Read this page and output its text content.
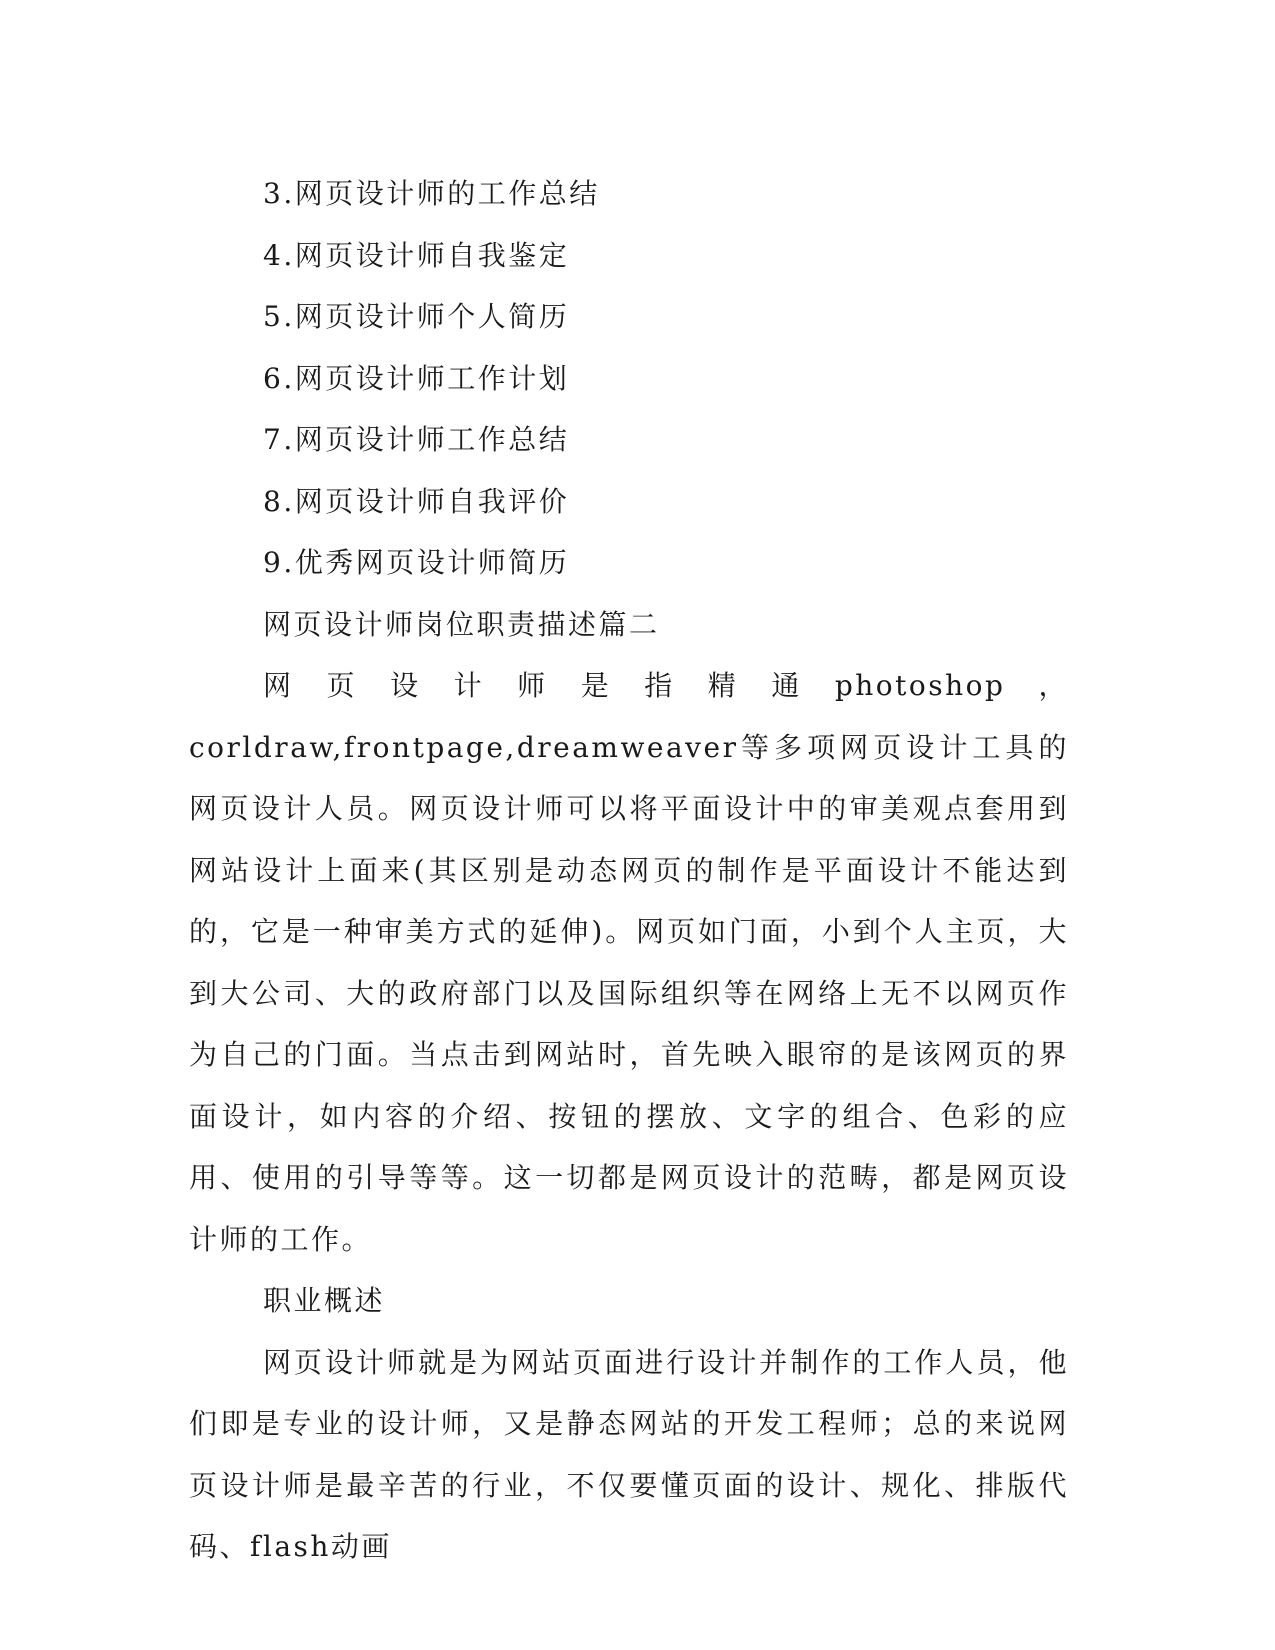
3.网页设计师的工作总结

4.网页设计师自我鉴定

5.网页设计师个人简历

6.网页设计师工作计划

7.网页设计师工作总结

8.网页设计师自我评价

9.优秀网页设计师简历

网页设计师岗位职责描述篇二

网页设计师是指精通photoshop，corldraw,frontpage,dreamweaver等多项网页设计工具的网页设计人员。网页设计师可以将平面设计中的审美观点套用到网站设计上面来(其区别是动态网页的制作是平面设计不能达到的，它是一种审美方式的延伸)。网页如门面，小到个人主页，大到大公司、大的政府部门以及国际组织等在网络上无不以网页作为自己的门面。当点击到网站时，首先映入眼帘的是该网页的界面设计，如内容的介绍、按钮的摆放、文字的组合、色彩的应用、使用的引导等等。这一切都是网页设计的范畴，都是网页设计师的工作。

职业概述

网页设计师就是为网站页面进行设计并制作的工作人员，他们即是专业的设计师，又是静态网站的开发工程师；总的来说网页设计师是最辛苦的行业，不仅要懂页面的设计、规化、排版代码、flash动画
